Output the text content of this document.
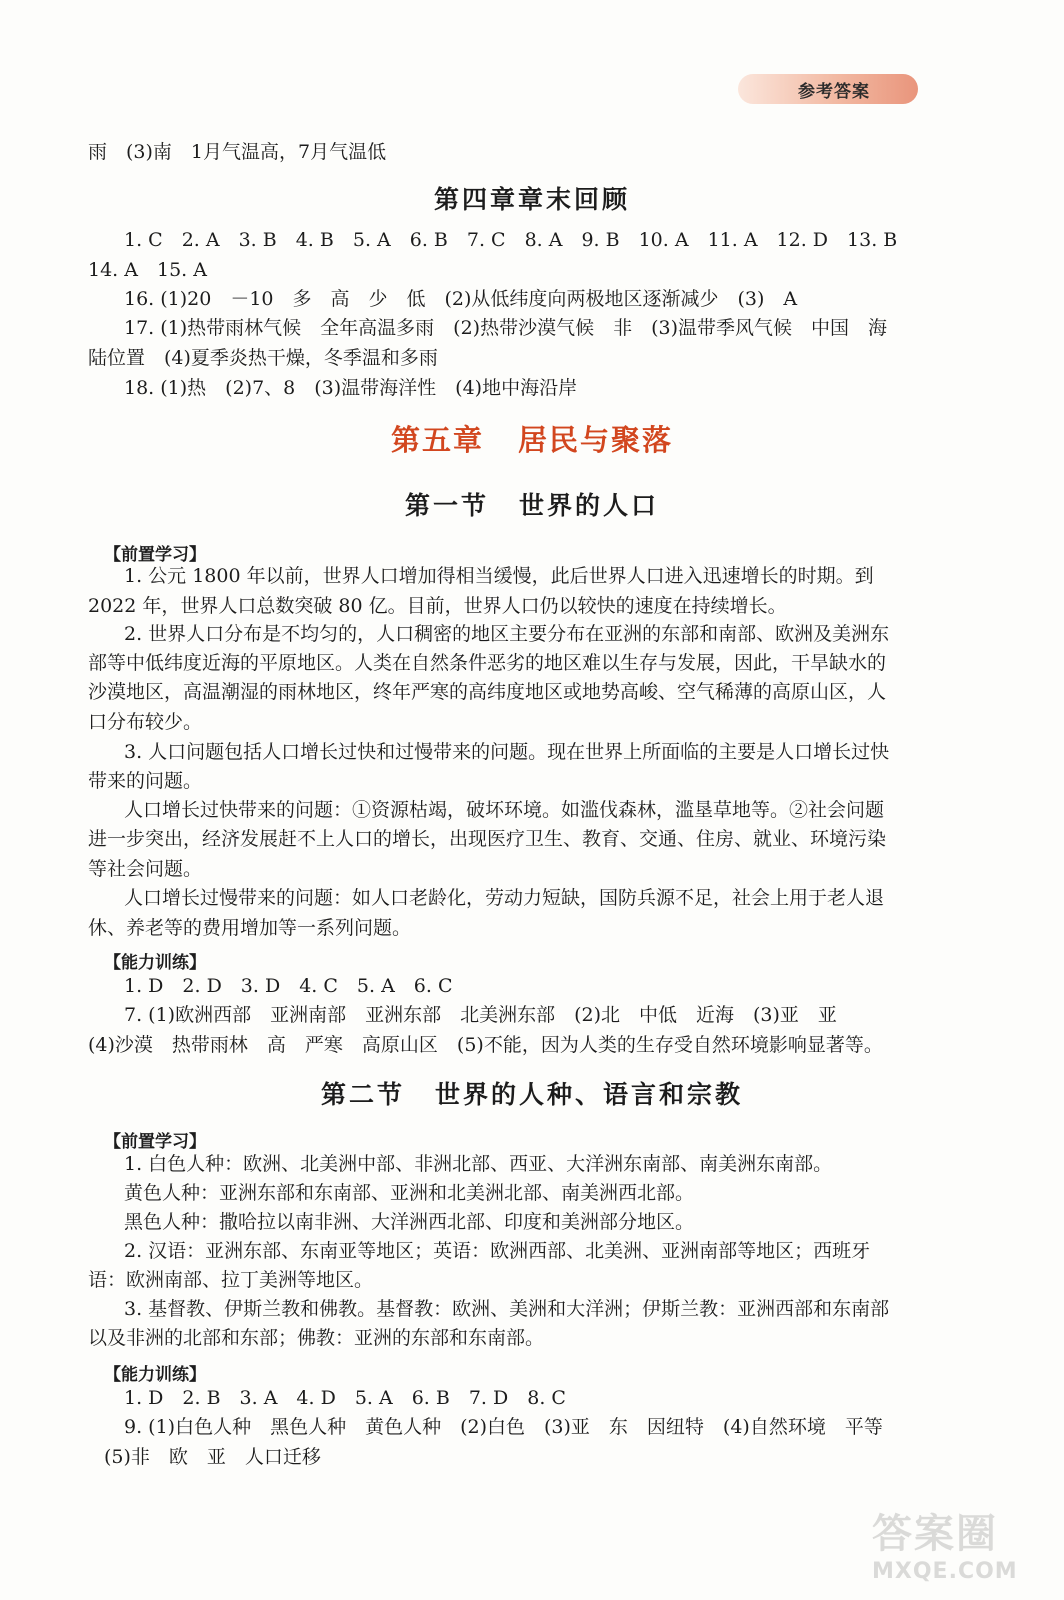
参考答案
雨　(3)南　1月气温高，7月气温低
第四章章末回顾
1. C　2. A　3. B　4. B　5. A　6. B　7. C　8. A　9. B　10. A　11. A　12. D　13. B
14. A　15. A
16. (1)20　－10　多　高　少　低　(2)从低纬度向两极地区逐渐减少　(3)　A
17. (1)热带雨林气候　全年高温多雨　(2)热带沙漠气候　非　(3)温带季风气候　中国　海
陆位置　(4)夏季炎热干燥，冬季温和多雨
18. (1)热　(2)7、8　(3)温带海洋性　(4)地中海沿岸
第五章 居民与聚落
第一节 世界的人口
【前置学习】
1. 公元 1800 年以前，世界人口增加得相当缓慢，此后世界人口进入迅速增长的时期。到
2022 年，世界人口总数突破 80 亿。目前，世界人口仍以较快的速度在持续增长。
2. 世界人口分布是不均匀的，人口稠密的地区主要分布在亚洲的东部和南部、欧洲及美洲东
部等中低纬度近海的平原地区。人类在自然条件恶劣的地区难以生存与发展，因此，干旱缺水的
沙漠地区，高温潮湿的雨林地区，终年严寒的高纬度地区或地势高峻、空气稀薄的高原山区，人
口分布较少。
3. 人口问题包括人口增长过快和过慢带来的问题。现在世界上所面临的主要是人口增长过快
带来的问题。
人口增长过快带来的问题：①资源枯竭，破坏环境。如滥伐森林，滥垦草地等。②社会问题
进一步突出，经济发展赶不上人口的增长，出现医疗卫生、教育、交通、住房、就业、环境污染
等社会问题。
人口增长过慢带来的问题：如人口老龄化，劳动力短缺，国防兵源不足，社会上用于老人退
休、养老等的费用增加等一系列问题。
【能力训练】
1. D　2. D　3. D　4. C　5. A　6. C
7. (1)欧洲西部　亚洲南部　亚洲东部　北美洲东部　(2)北　中低　近海　(3)亚　亚
(4)沙漠　热带雨林　高　严寒　高原山区　(5)不能，因为人类的生存受自然环境影响显著等。
第二节 世界的人种、语言和宗教
【前置学习】
1. 白色人种：欧洲、北美洲中部、非洲北部、西亚、大洋洲东南部、南美洲东南部。
黄色人种：亚洲东部和东南部、亚洲和北美洲北部、南美洲西北部。
黑色人种：撒哈拉以南非洲、大洋洲西北部、印度和美洲部分地区。
2. 汉语：亚洲东部、东南亚等地区；英语：欧洲西部、北美洲、亚洲南部等地区；西班牙
语：欧洲南部、拉丁美洲等地区。
3. 基督教、伊斯兰教和佛教。基督教：欧洲、美洲和大洋洲；伊斯兰教：亚洲西部和东南部
以及非洲的北部和东部；佛教：亚洲的东部和东南部。
【能力训练】
1. D　2. B　3. A　4. D　5. A　6. B　7. D　8. C
9. (1)白色人种　黑色人种　黄色人种　(2)白色　(3)亚　东　因纽特　(4)自然环境　平等
(5)非　欧　亚　人口迁移
答案圈
MXQE.COM
